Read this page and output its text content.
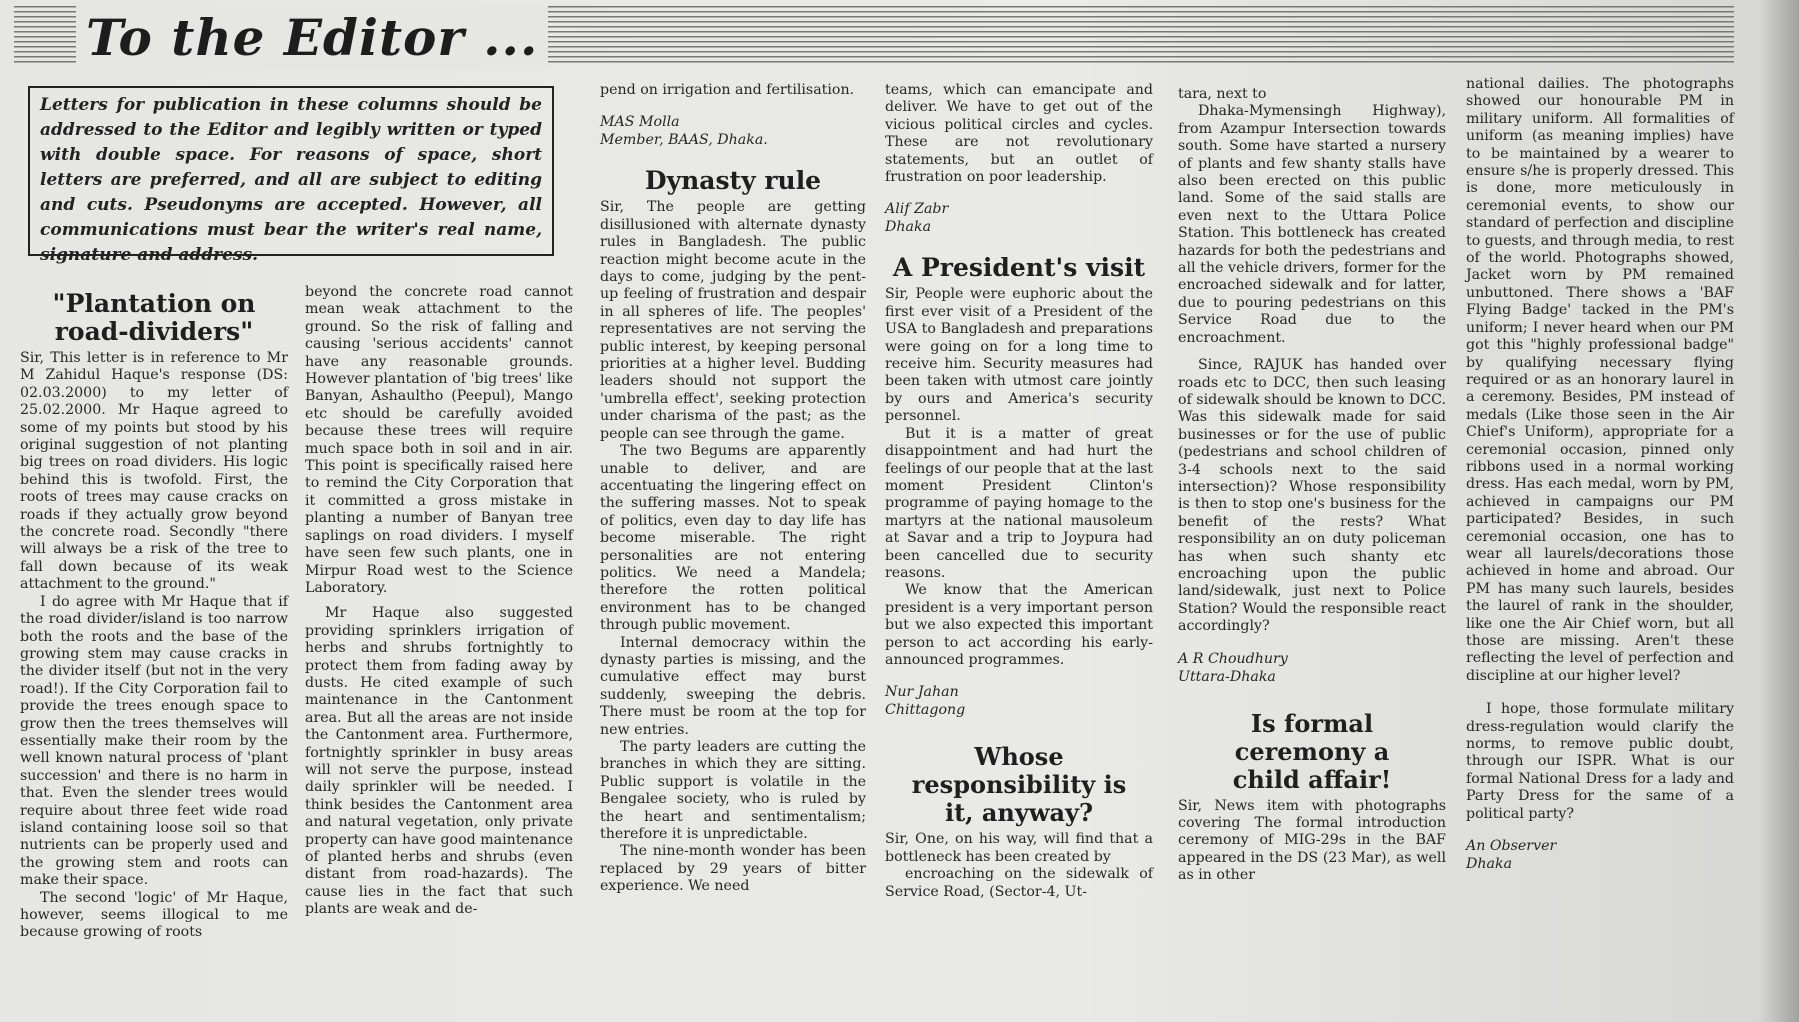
To the Editor ...
Letters for publication in these columns should be addressed to the Editor and legibly written or typed with double space. For reasons of space, short letters are preferred, and all are subject to editing and cuts. Pseudonyms are accepted. However, all communications must bear the writer's real name, signature and address.
"Plantation on road-dividers"

Sir, This letter is in reference to Mr M Zahidul Haque's response (DS: 02.03.2000) to my letter of 25.02.2000. Mr Haque agreed to some of my points but stood by his original suggestion of not planting big trees on road dividers. His logic behind this is twofold. First, the roots of trees may cause cracks on roads if they actually grow beyond the concrete road. Secondly "there will always be a risk of the tree to fall down because of its weak attachment to the ground."

I do agree with Mr Haque that if the road divider/island is too narrow both the roots and the base of the growing stem may cause cracks in the divider itself (but not in the very road!). If the City Corporation fail to provide the trees enough space to grow then the trees themselves will essentially make their room by the well known natural process of 'plant succession' and there is no harm in that. Even the slender trees would require about three feet wide road island containing loose soil so that nutrients can be properly used and the growing stem and roots can make their space.

The second 'logic' of Mr Haque, however, seems illogical to me because growing of roots

beyond the concrete road cannot mean weak attachment to the ground. So the risk of falling and causing 'serious accidents' cannot have any reasonable grounds. However plantation of 'big trees' like Banyan, Ashaultho (Peepul), Mango etc should be carefully avoided because these trees will require much space both in soil and in air. This point is specifically raised here to remind the City Corporation that it committed a gross mistake in planting a number of Banyan tree saplings on road dividers. I myself have seen few such plants, one in Mirpur Road west to the Science Laboratory.

Mr Haque also suggested providing sprinklers irrigation of herbs and shrubs fortnightly to protect them from fading away by dusts. He cited example of such maintenance in the Cantonment area. But all the areas are not inside the Cantonment area. Furthermore, fortnightly sprinkler in busy areas will not serve the purpose, instead daily sprinkler will be needed. I think besides the Cantonment area and natural vegetation, only private property can have good maintenance of planted herbs and shrubs (even distant from road-hazards). The cause lies in the fact that such plants are weak and de-

pend on irrigation and fertilisation.

MAS Molla
Member, BAAS, Dhaka.
Dynasty rule

Sir, The people are getting disillusioned with alternate dynasty rules in Bangladesh. The public reaction might become acute in the days to come, judging by the pent-up feeling of frustration and despair in all spheres of life. The peoples' representatives are not serving the public interest, by keeping personal priorities at a higher level. Budding leaders should not support the 'umbrella effect', seeking protection under charisma of the past; as the people can see through the game.

The two Begums are apparently unable to deliver, and are accentuating the lingering effect on the suffering masses. Not to speak of politics, even day to day life has become miserable. The right personalities are not entering politics. We need a Mandela; therefore the rotten political environment has to be changed through public movement.

Internal democracy within the dynasty parties is missing, and the cumulative effect may burst suddenly, sweeping the debris. There must be room at the top for new entries.

The party leaders are cutting the branches in which they are sitting. Public support is volatile in the Bengalee society, who is ruled by the heart and sentimentalism; therefore it is unpredictable.

The nine-month wonder has been replaced by 29 years of bitter experience. We need

teams, which can emancipate and deliver. We have to get out of the vicious political circles and cycles. These are not revolutionary statements, but an outlet of frustration on poor leadership.

Alif Zabr
Dhaka
A President's visit

Sir, People were euphoric about the first ever visit of a President of the USA to Bangladesh and preparations were going on for a long time to receive him. Security measures had been taken with utmost care jointly by ours and America's security personnel.

But it is a matter of great disappointment and had hurt the feelings of our people that at the last moment President Clinton's programme of paying homage to the martyrs at the national mausoleum at Savar and a trip to Joypura had been cancelled due to security reasons.

We know that the American president is a very important person but we also expected this important person to act according his early-announced programmes.

Nur Jahan
Chittagong
Whose responsibility is it, anyway?

Sir, One, on his way, will find that a bottleneck has been created by

encroaching on the sidewalk of Service Road, (Sector-4, Ut-

tara, next to

Dhaka-Mymensingh Highway), from Azampur Intersection towards south. Some have started a nursery of plants and few shanty stalls have also been erected on this public land. Some of the said stalls are even next to the Uttara Police Station. This bottleneck has created hazards for both the pedestrians and all the vehicle drivers, former for the encroached sidewalk and for latter, due to pouring pedestrians on this Service Road due to the encroachment.

Since, RAJUK has handed over roads etc to DCC, then such leasing of sidewalk should be known to DCC. Was this sidewalk made for said businesses or for the use of public (pedestrians and school children of 3-4 schools next to the said intersection)? Whose responsibility is then to stop one's business for the benefit of the rests? What responsibility an on duty policeman has when such shanty etc encroaching upon the public land/sidewalk, just next to Police Station? Would the responsible react accordingly?

A R Choudhury
Uttara-Dhaka
Is formal ceremony a child affair!

Sir, News item with photographs covering The formal introduction ceremony of MIG-29s in the BAF appeared in the DS (23 Mar), as well as in other

national dailies. The photographs showed our honourable PM in military uniform. All formalities of uniform (as meaning implies) have to be maintained by a wearer to ensure s/he is properly dressed. This is done, more meticulously in ceremonial events, to show our standard of perfection and discipline to guests, and through media, to rest of the world. Photographs showed, Jacket worn by PM remained unbuttoned. There shows a 'BAF Flying Badge' tacked in the PM's uniform; I never heard when our PM got this "highly professional badge" by qualifying necessary flying required or as an honorary laurel in a ceremony. Besides, PM instead of medals (Like those seen in the Air Chief's Uniform), appropriate for a ceremonial occasion, pinned only ribbons used in a normal working dress. Has each medal, worn by PM, achieved in campaigns our PM participated? Besides, in such ceremonial occasion, one has to wear all laurels/decorations those achieved in home and abroad. Our PM has many such laurels, besides the laurel of rank in the shoulder, like one the Air Chief worn, but all those are missing. Aren't these reflecting the level of perfection and discipline at our higher level?

I hope, those formulate military dress-regulation would clarify the norms, to remove public doubt, through our ISPR. What is our formal National Dress for a lady and Party Dress for the same of a political party?

An Observer
Dhaka
